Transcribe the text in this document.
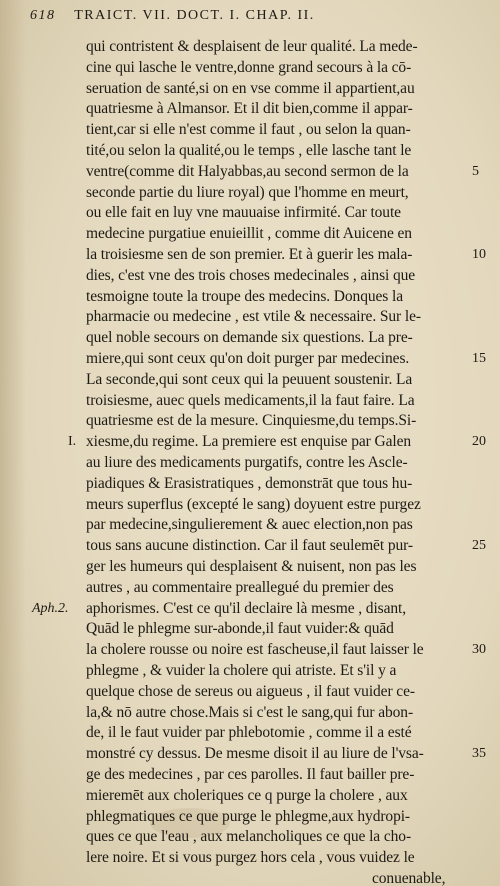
618 TRAICT. VII. DOCT. I. CHAP. II.
qui contristent & desplaisent de leur qualité. La mede-
cine qui lasche le ventre,donne grand secours à la cō-
seruation de santé,si on en vse comme il appartient,au
quatriesme à Almansor. Et il dit bien,comme il appar-
tient,car si elle n'est comme il faut , ou selon la quan-
tité,ou selon la qualité,ou le temps , elle lasche tant le
ventre(comme dit Halyabbas,au second sermon de la
seconde partie du liure royal) que l'homme en meurt,
ou elle fait en luy vne mauuaise infirmité. Car toute
medecine purgatiue enuieillit , comme dit Auicene en
la troisiesme sen de son premier. Et à guerir les mala-
dies, c'est vne des trois choses medecinales , ainsi que
tesmoigne toute la troupe des medecins. Donques la
pharmacie ou medecine , est vtile & necessaire. Sur le-
quel noble secours on demande six questions. La pre-
miere,qui sont ceux qu'on doit purger par medecines.
La seconde,qui sont ceux qui la peuuent soustenir. La
troisiesme, auec quels medicaments,il la faut faire. La
quatriesme est de la mesure. Cinquiesme,du temps.Si-
xiesme,du regime. La premiere est enquise par Galen
au liure des medicaments purgatifs, contre les Ascle-
piadiques & Erasistratiques , demonstrāt que tous hu-
meurs superflus (excepté le sang) doyuent estre purgez
par medecine,singulierement & auec election,non pas
tous sans aucune distinction. Car il faut seulemēt pur-
ger les humeurs qui desplaisent & nuisent, non pas les
autres , au commentaire preallegué du premier des
aphorismes. C'est ce qu'il declaire là mesme , disant,
Quād le phlegme sur-abonde,il faut vuider:& quād
la cholere rousse ou noire est fascheuse,il faut laisser le
phlegme , & vuider la cholere qui atriste. Et s'il y a
quelque chose de sereus ou aigueus , il faut vuider ce-
la,& nō autre chose.Mais si c'est le sang,qui fur abon-
de, il le faut vuider par phlebotomie , comme il a esté
monstré cy dessus. De mesme disoit il au liure de l'vsa-
ge des medecines , par ces parolles. Il faut bailler pre-
mieremēt aux choleriques ce q purge la cholere , aux
phlegmatiques ce que purge le phlegme,aux hydropi-
ques ce que l'eau , aux melancholiques ce que la cho-
lere noire. Et si vous purgez hors cela , vous vuidez le
conuenable,
5
10
15
20
25
30
35
I.
Aph.2.
